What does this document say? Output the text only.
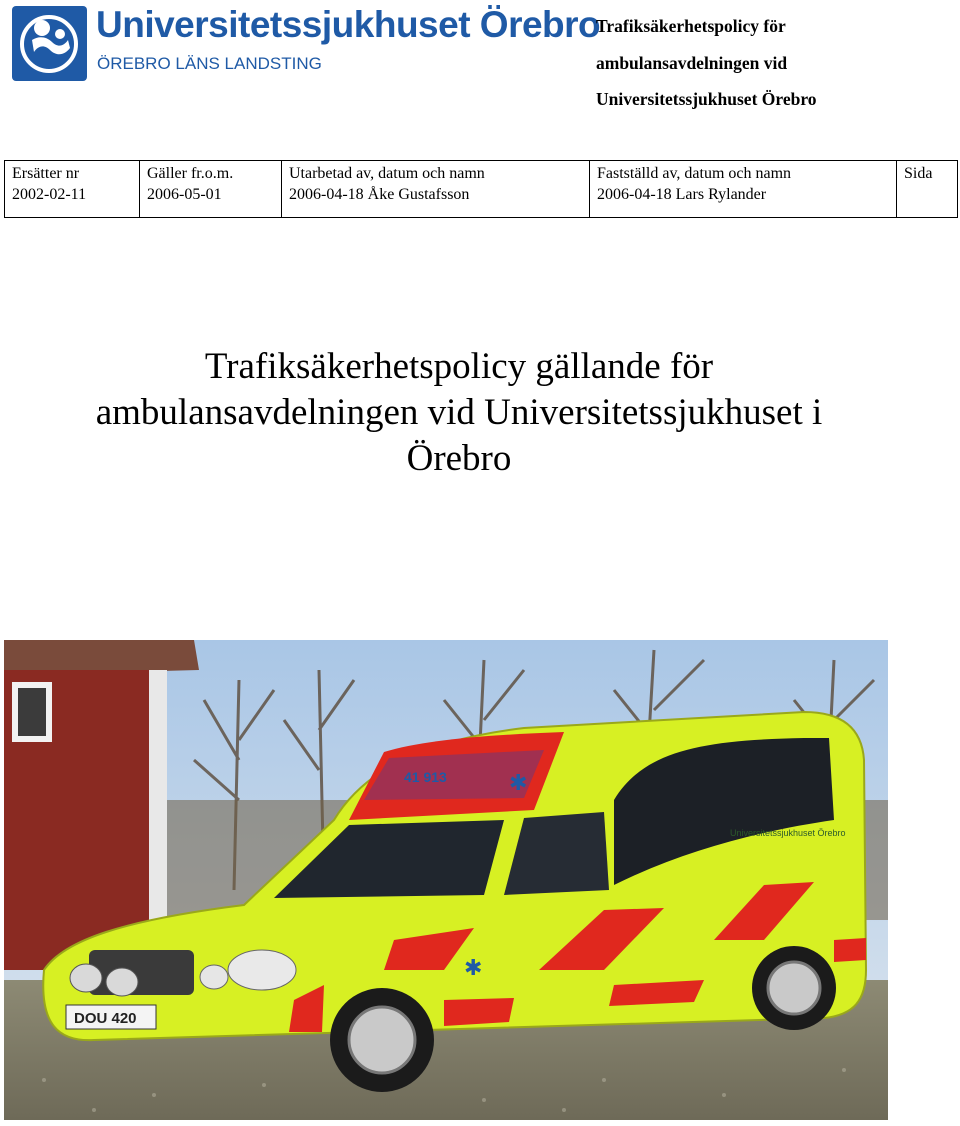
Universitetssjukhuset Örebro
ÖREBRO LÄNS LANDSTING
Trafiksäkerhetspolicy för
ambulansavdelningen vid
Universitetssjukhuset Örebro
Ersätter nr
2002-02-11

Gäller fr.o.m.
2006-05-01

Utarbetad av, datum och namn
2006-04-18 Åke Gustafsson

Fastställd av, datum och namn
2006-04-18 Lars Rylander

Sida
Trafiksäkerhetspolicy gällande för
ambulansavdelningen vid Universitetssjukhuset i
Örebro
✱
✱
41 913
Universitetssjukhuset Örebro
DOU 420
